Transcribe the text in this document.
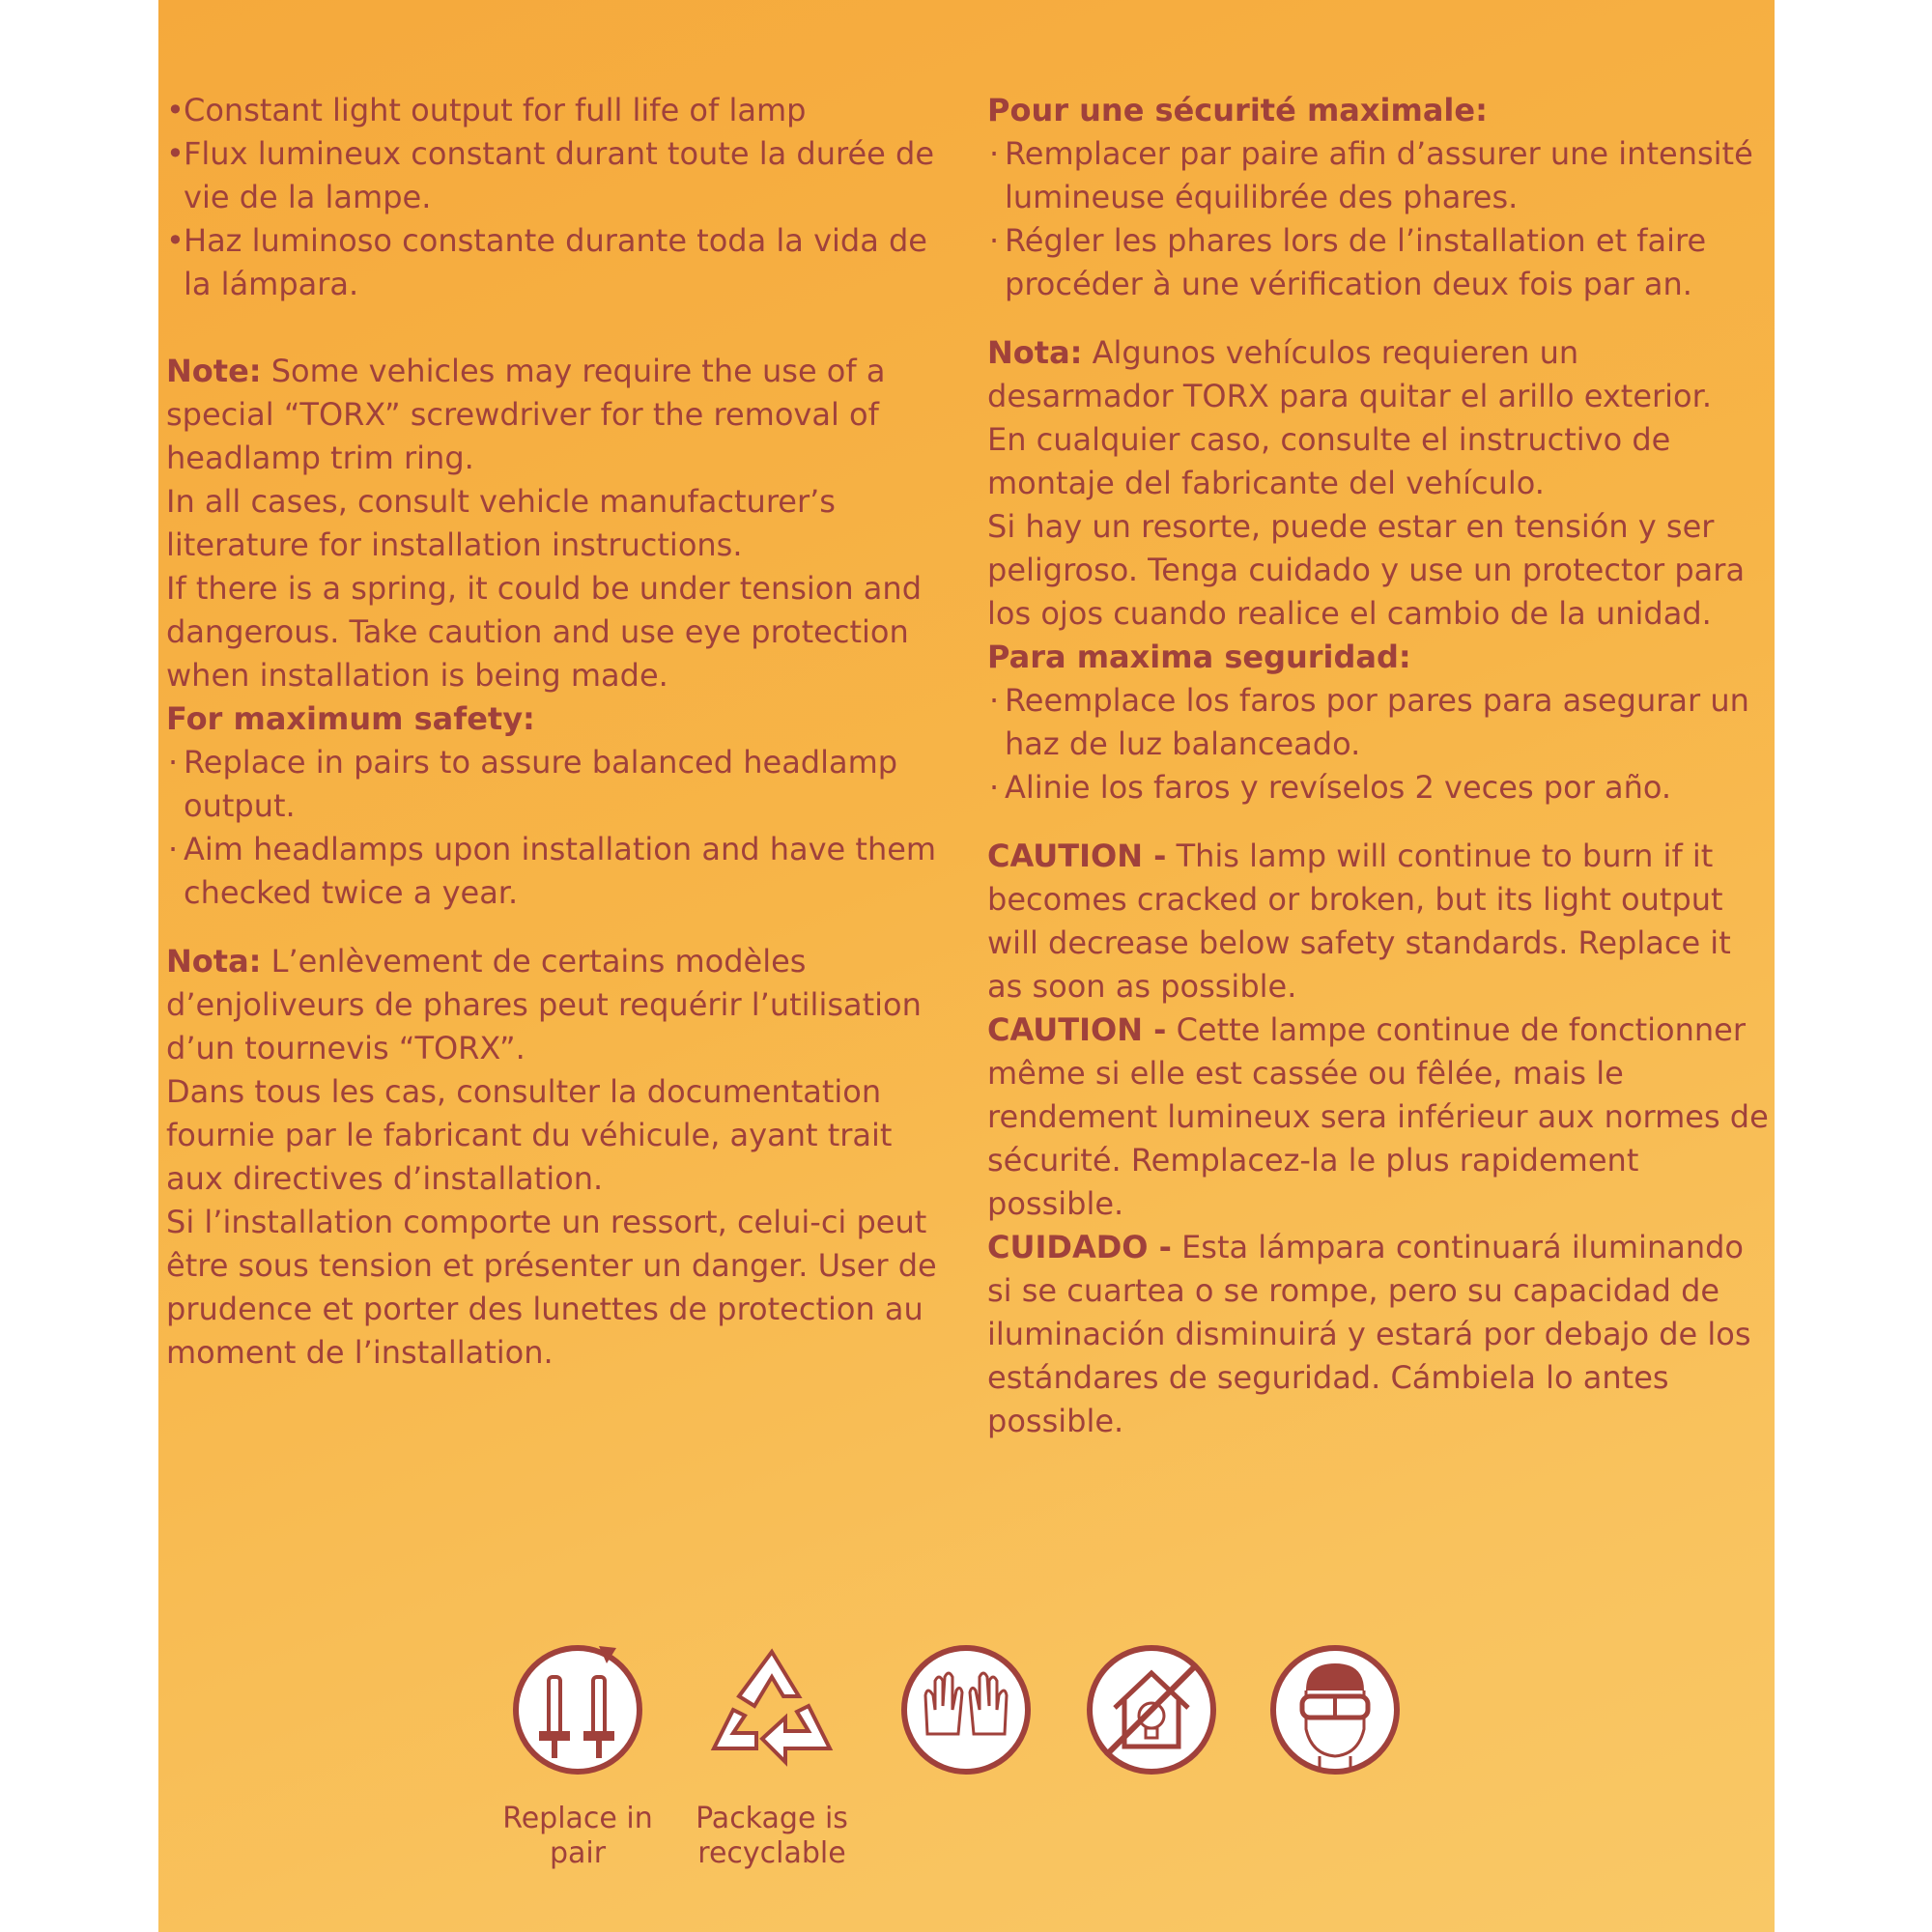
• Constant light output for full life of lamp

• Flux lumineux constant durant toute la durée de vie de la lampe.

• Haz luminoso constante durante toda la vida de la lámpara.

Note: Some vehicles may require the use of a special “TORX” screwdriver for the removal of headlamp trim ring.

In all cases, consult vehicle manufacturer’s literature for installation instructions.

If there is a spring, it could be under tension and dangerous. Take caution and use eye protection when installation is being made.

For maximum safety:

· Replace in pairs to assure balanced headlamp output.

· Aim headlamps upon installation and have them checked twice a year.

Nota: L’enlèvement de certains modèles d’enjoliveurs de phares peut requérir l’utilisation d’un tournevis “TORX”.

Dans tous les cas, consulter la documentation fournie par le fabricant du véhicule, ayant trait aux directives d’installation.

Si l’installation comporte un ressort, celui-ci peut être sous tension et présenter un danger. User de prudence et porter des lunettes de protection au moment de l’installation.

Pour une sécurité maximale:

· Remplacer par paire afin d’assurer une intensité lumineuse équilibrée des phares.

· Régler les phares lors de l’installation et faire procéder à une vérification deux fois par an.

Nota: Algunos vehículos requieren un desarmador TORX para quitar el arillo exterior.

En cualquier caso, consulte el instructivo de montaje del fabricante del vehículo.

Si hay un resorte, puede estar en tensión y ser peligroso. Tenga cuidado y use un protector para los ojos cuando realice el cambio de la unidad.

Para maxima seguridad:

· Reemplace los faros por pares para asegurar un haz de luz balanceado.

· Alinie los faros y revíselos 2 veces por año.

CAUTION - This lamp will continue to burn if it becomes cracked or broken, but its light output will decrease below safety standards. Replace it as soon as possible.

CAUTION - Cette lampe continue de fonctionner même si elle est cassée ou fêlée, mais le rendement lumineux sera inférieur aux normes de sécurité. Remplacez-la le plus rapidement possible.

CUIDADO - Esta lámpara continuará iluminando si se cuartea o se rompe, pero su capacidad de iluminación disminuirá y estará por debajo de los estándares de seguridad. Cámbiela lo antes possible.

Replace in pair
Package is recyclable
